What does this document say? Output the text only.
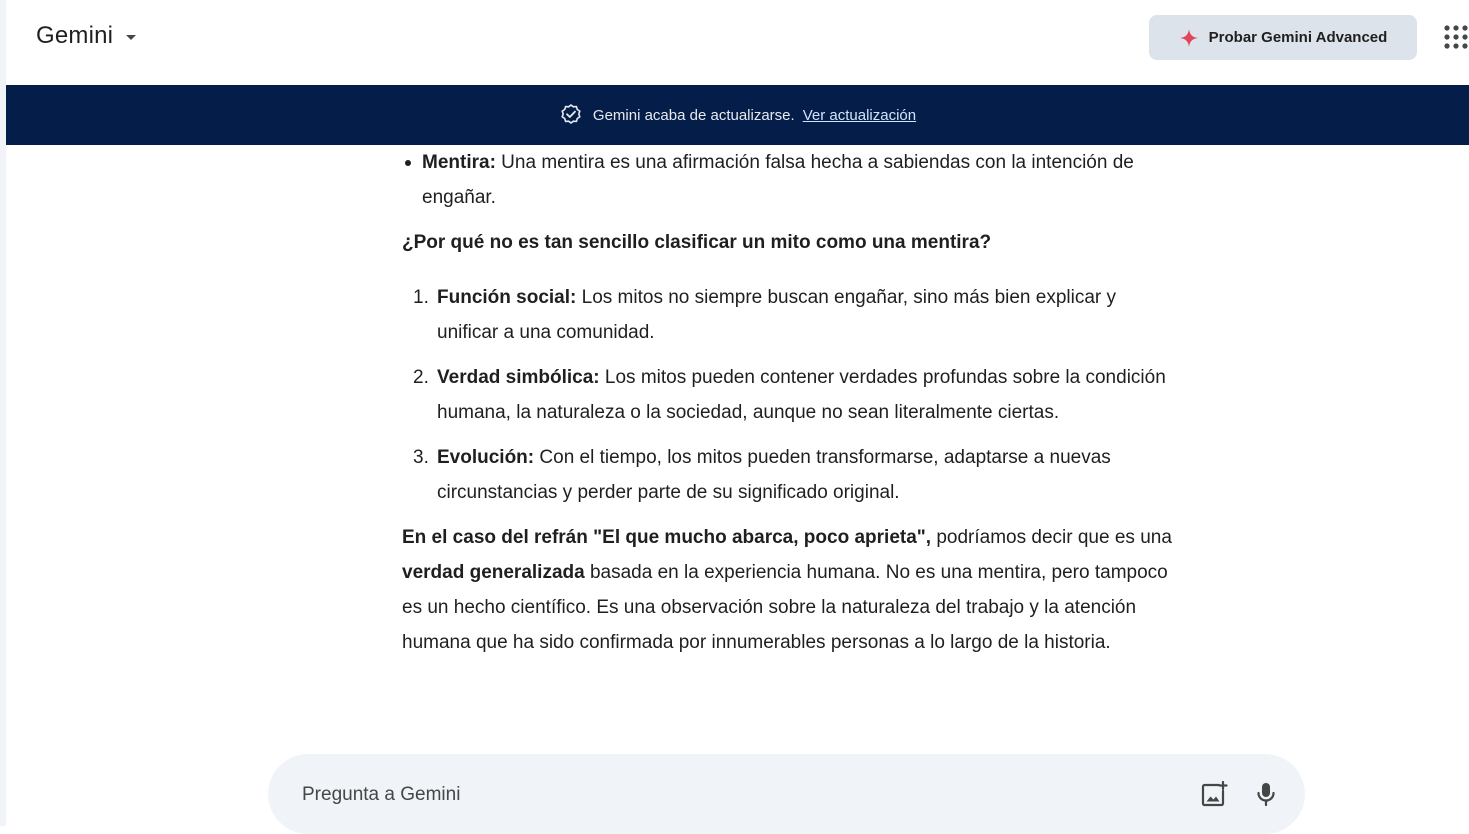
Gemini	Probar Gemini Advanced
Gemini acaba de actualizarse. Ver actualización
Mentira: Una mentira es una afirmación falsa hecha a sabiendas con la intención de engañar.
¿Por qué no es tan sencillo clasificar un mito como una mentira?
1. Función social: Los mitos no siempre buscan engañar, sino más bien explicar y unificar a una comunidad.
2. Verdad simbólica: Los mitos pueden contener verdades profundas sobre la condición humana, la naturaleza o la sociedad, aunque no sean literalmente ciertas.
3. Evolución: Con el tiempo, los mitos pueden transformarse, adaptarse a nuevas circunstancias y perder parte de su significado original.
En el caso del refrán "El que mucho abarca, poco aprieta", podríamos decir que es una verdad generalizada basada en la experiencia humana. No es una mentira, pero tampoco es un hecho científico. Es una observación sobre la naturaleza del trabajo y la atención humana que ha sido confirmada por innumerables personas a lo largo de la historia.
Pregunta a Gemini
